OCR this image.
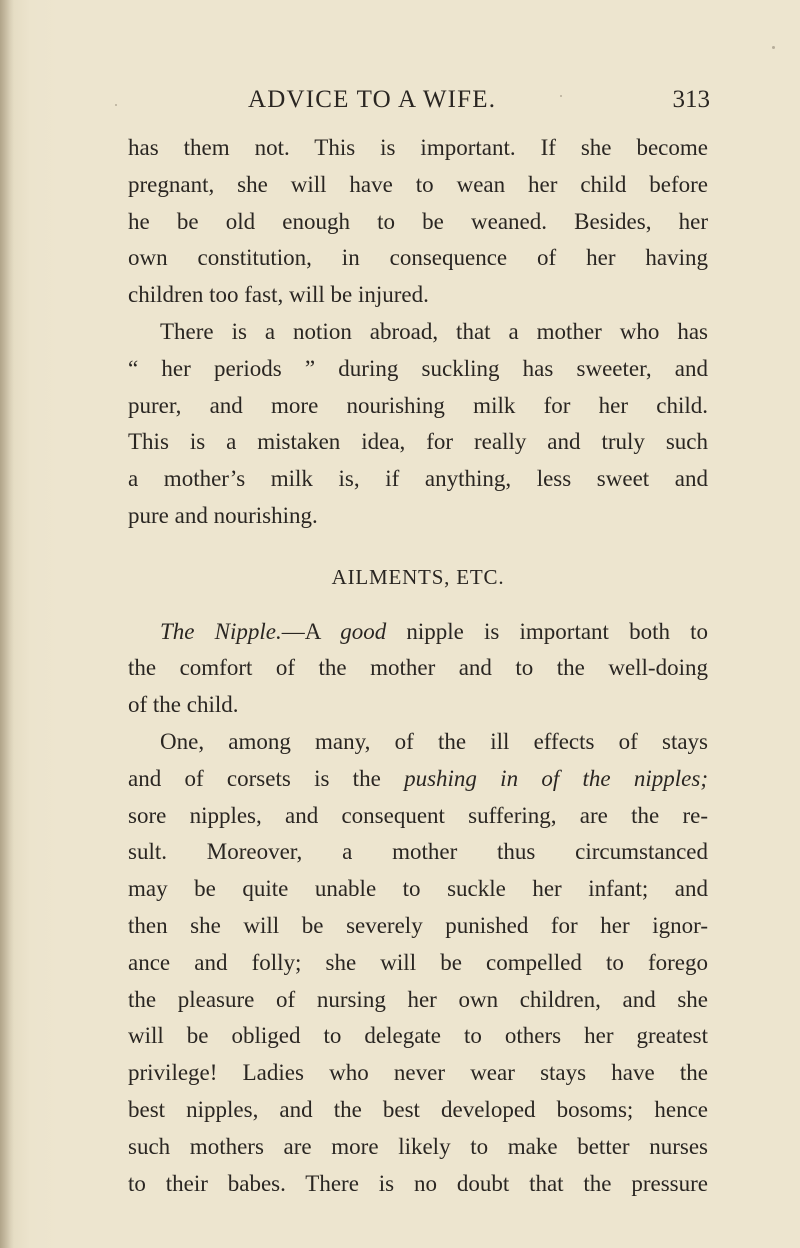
ADVICE TO A WIFE.	313
has them not. This is important. If she become
pregnant, she will have to wean her child before
he be old enough to be weaned. Besides, her
own constitution, in consequence of her having
children too fast, will be injured.
There is a notion abroad, that a mother who has
“ her periods ” during suckling has sweeter, and
purer, and more nourishing milk for her child.
This is a mistaken idea, for really and truly such
a mother’s milk is, if anything, less sweet and
pure and nourishing.
AILMENTS, ETC.
The Nipple.—A good nipple is important both to
the comfort of the mother and to the well-doing
of the child.
One, among many, of the ill effects of stays
and of corsets is the pushing in of the nipples;
sore nipples, and consequent suffering, are the re-
sult. Moreover, a mother thus circumstanced
may be quite unable to suckle her infant; and
then she will be severely punished for her ignor-
ance and folly; she will be compelled to forego
the pleasure of nursing her own children, and she
will be obliged to delegate to others her greatest
privilege! Ladies who never wear stays have the
best nipples, and the best developed bosoms; hence
such mothers are more likely to make better nurses
to their babes. There is no doubt that the pressure
